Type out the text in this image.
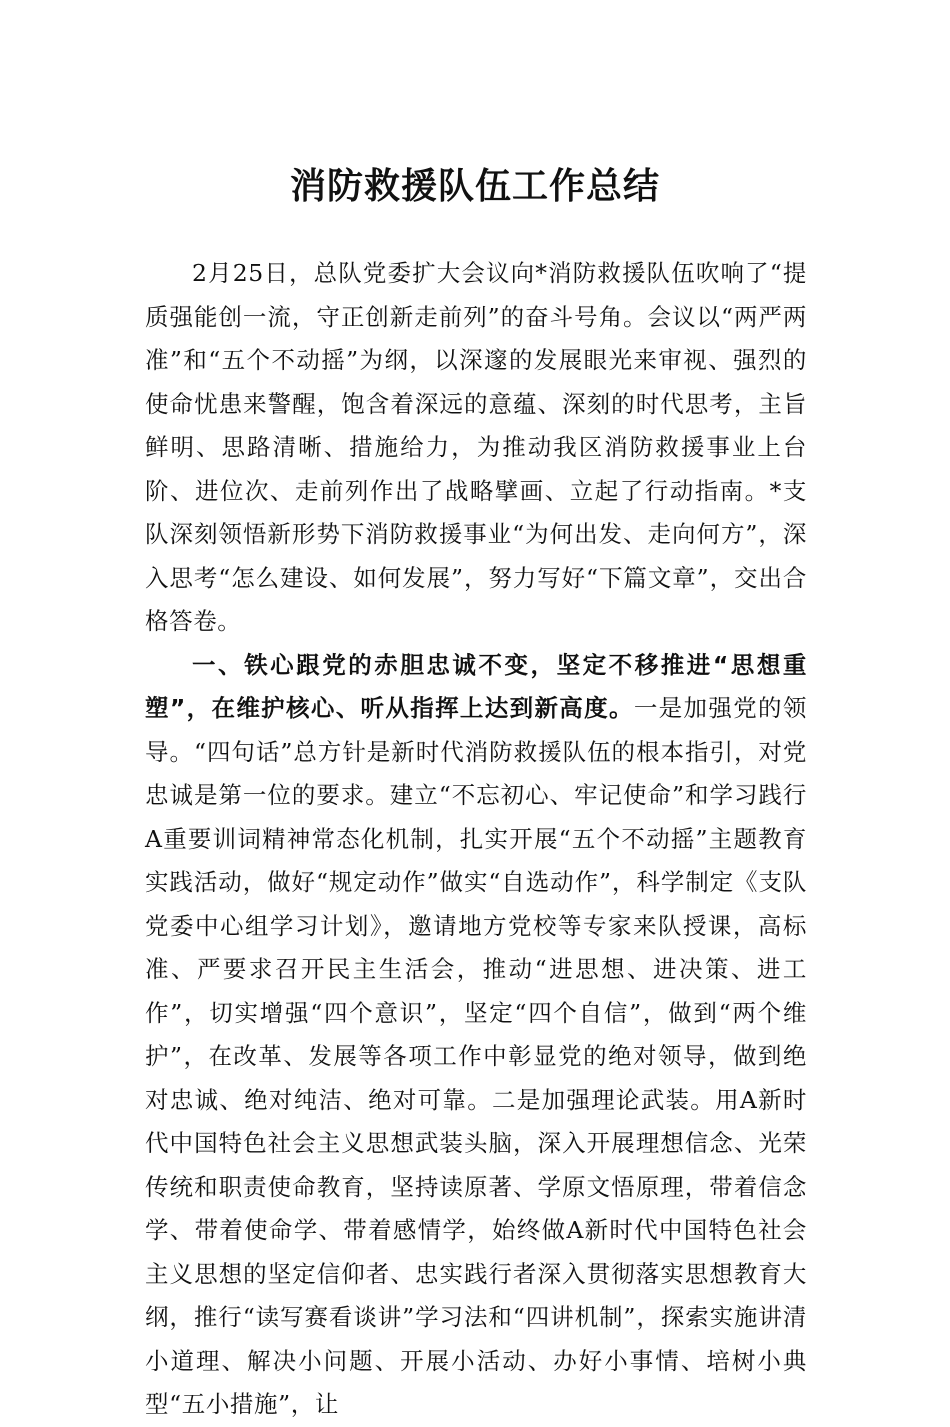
消防救援队伍工作总结

2月25日，总队党委扩大会议向*消防救援队伍吹响了“提质强能创一流，守正创新走前列”的奋斗号角。会议以“两严两准”和“五个不动摇”为纲，以深邃的发展眼光来审视、强烈的使命忧患来警醒，饱含着深远的意蕴、深刻的时代思考，主旨鲜明、思路清晰、措施给力，为推动我区消防救援事业上台阶、进位次、走前列作出了战略擘画、立起了行动指南。*支队深刻领悟新形势下消防救援事业“为何出发、走向何方”，深入思考“怎么建设、如何发展”，努力写好“下篇文章”，交出合格答卷。

一、铁心跟党的赤胆忠诚不变，坚定不移推进“思想重塑”，在维护核心、听从指挥上达到新高度。一是加强党的领导。“四句话”总方针是新时代消防救援队伍的根本指引，对党忠诚是第一位的要求。建立“不忘初心、牢记使命”和学习践行A重要训词精神常态化机制，扎实开展“五个不动摇”主题教育实践活动，做好“规定动作”做实“自选动作”，科学制定《支队党委中心组学习计划》，邀请地方党校等专家来队授课，高标准、严要求召开民主生活会，推动“进思想、进决策、进工作”，切实增强“四个意识”，坚定“四个自信”，做到“两个维护”，在改革、发展等各项工作中彰显党的绝对领导，做到绝对忠诚、绝对纯洁、绝对可靠。二是加强理论武装。用A新时代中国特色社会主义思想武装头脑，深入开展理想信念、光荣传统和职责使命教育，坚持读原著、学原文悟原理，带着信念学、带着使命学、带着感情学，始终做A新时代中国特色社会主义思想的坚定信仰者、忠实践行者深入贯彻落实思想教育大纲，推行“读写赛看谈讲”学习法和“四讲机制”，探索实施讲清小道理、解决小问题、开展小活动、办好小事情、培树小典型“五小措施”，让
